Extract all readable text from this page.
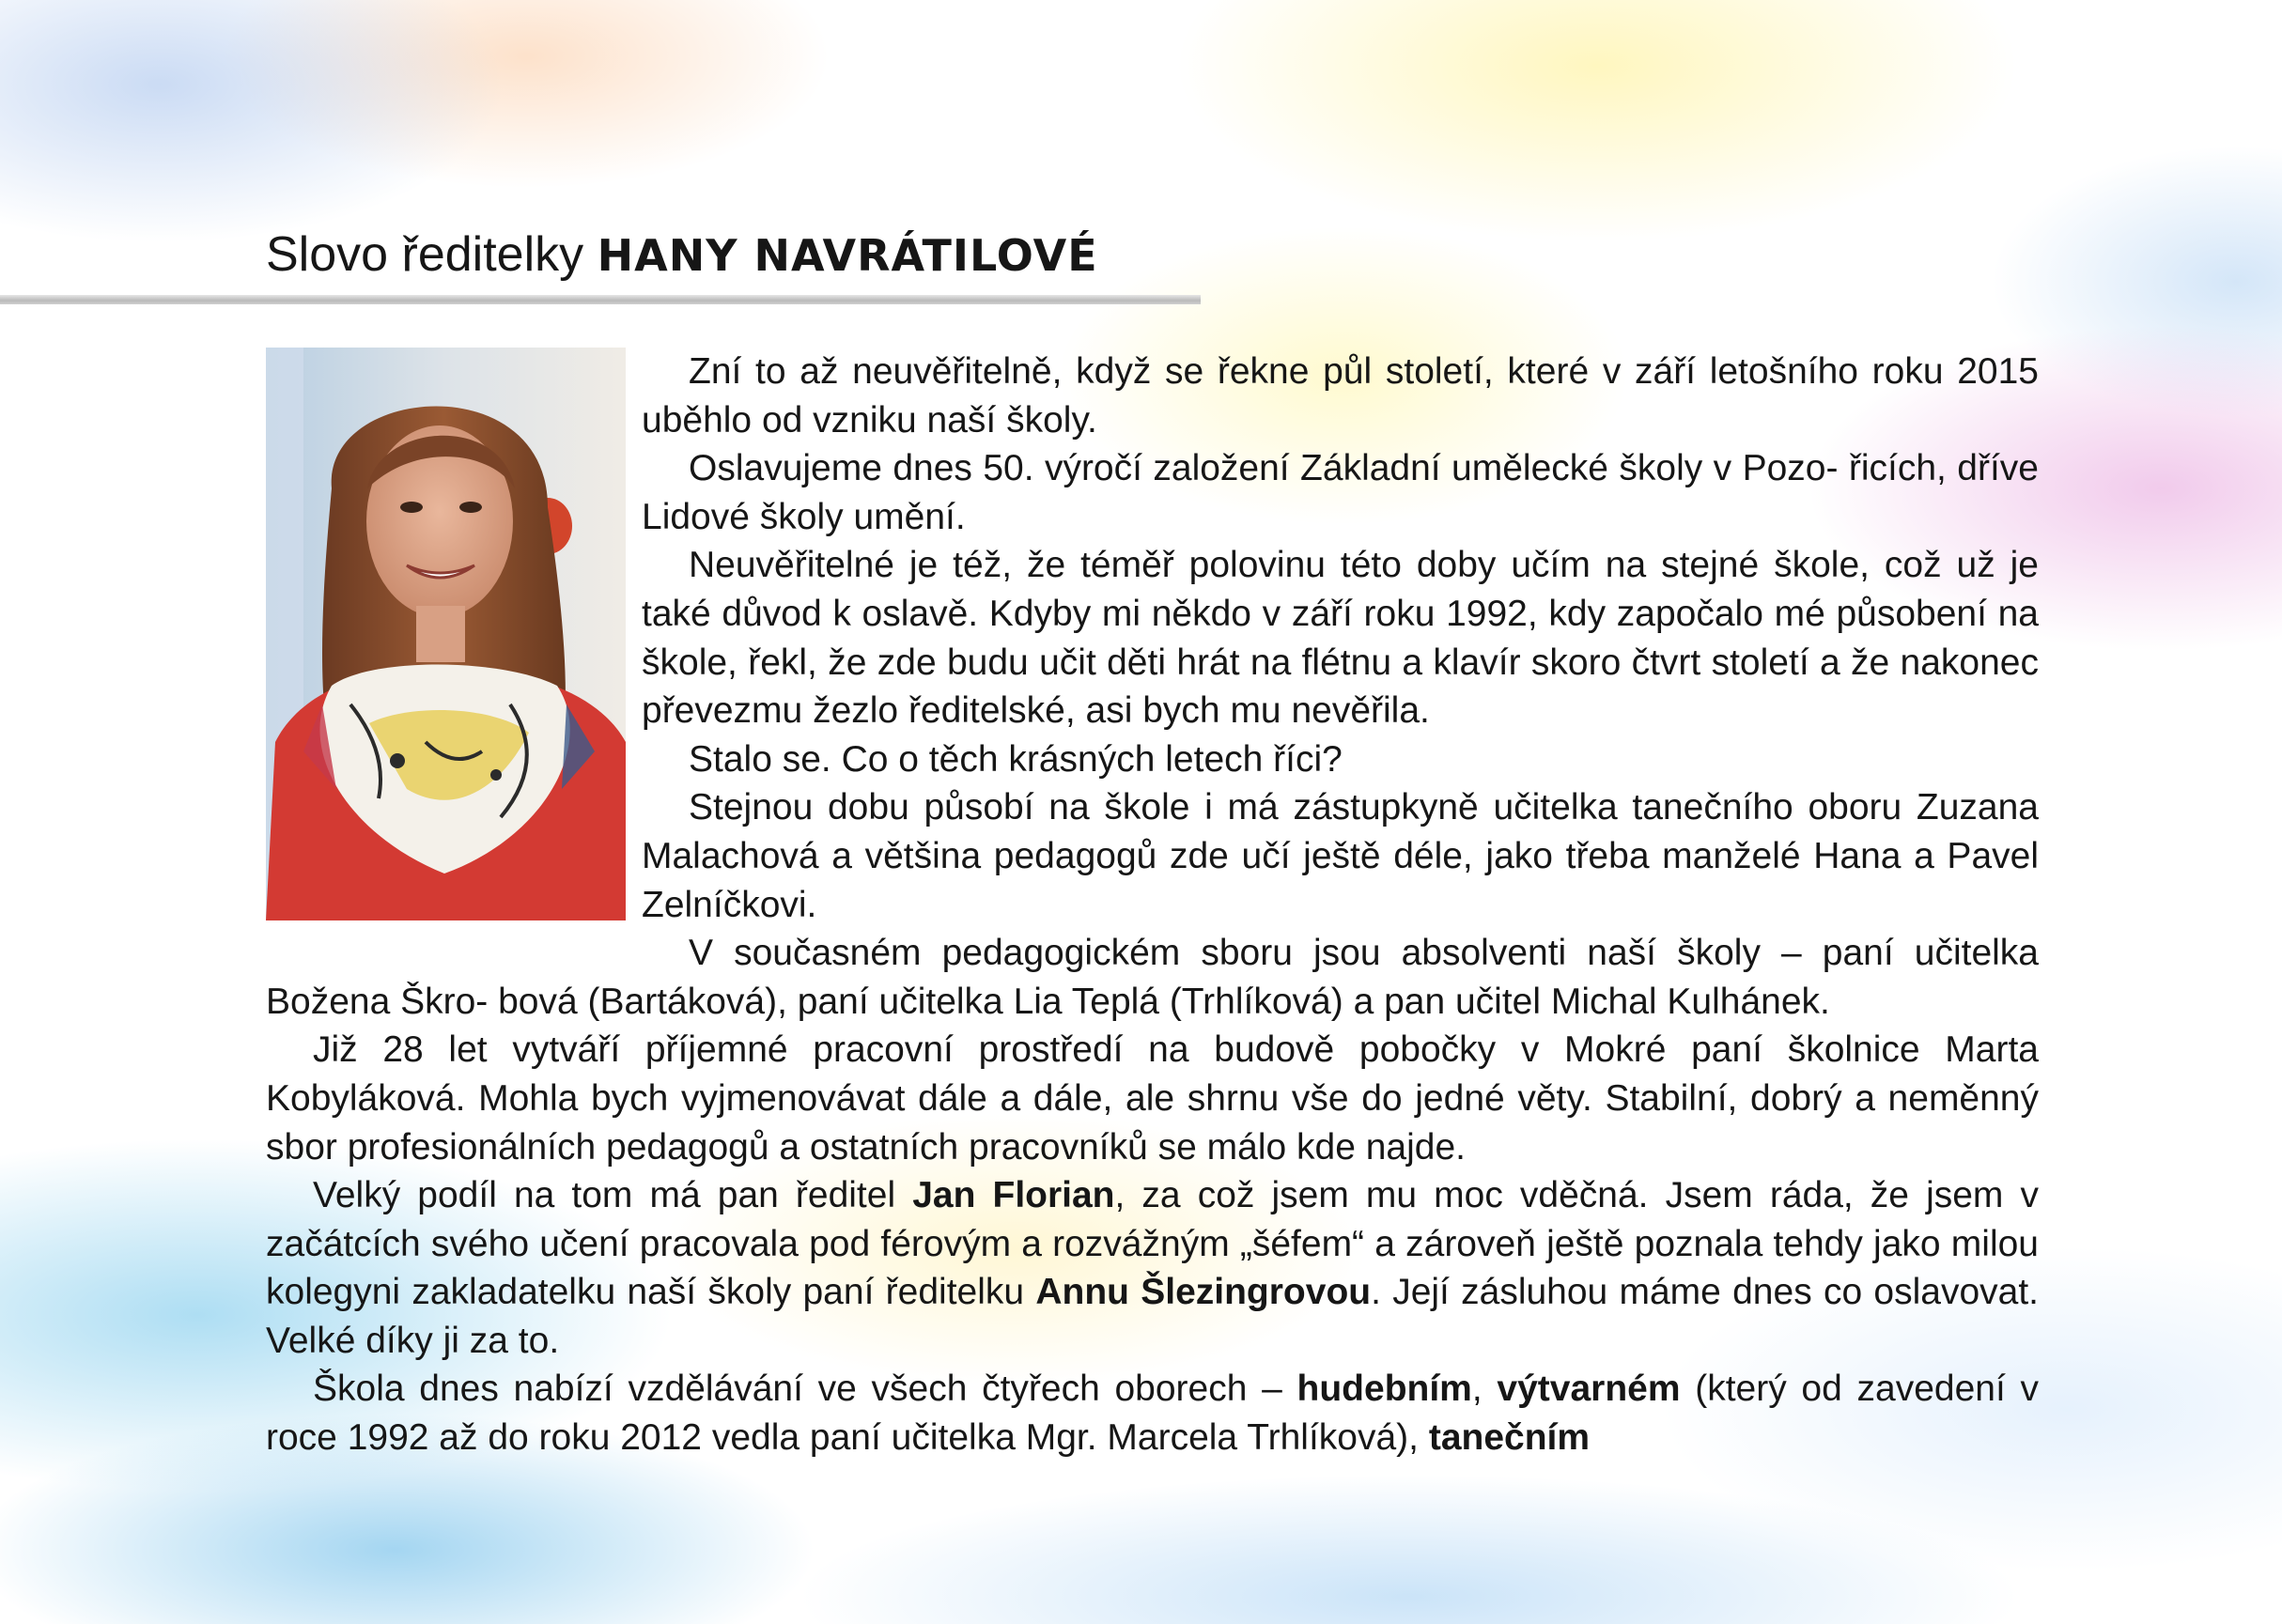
Slovo ředitelky HANY NAVRÁTILOVÉ

Zní to až neuvěřitelně, když se řekne půl století, které v září letošního roku 2015 uběhlo od vzniku naší školy.

Oslavujeme dnes 50. výročí založení Základní umělecké školy v Pozo- řicích, dříve Lidové školy umění.

Neuvěřitelné je též, že téměř polovinu této doby učím na stejné škole, což už je také důvod k oslavě. Kdyby mi někdo v září roku 1992, kdy započalo mé působení na škole, řekl, že zde budu učit děti hrát na flétnu a klavír skoro čtvrt století a že nakonec převezmu žezlo ředitelské, asi bych mu nevěřila.

Stalo se. Co o těch krásných letech říci?

Stejnou dobu působí na škole i má zástupkyně učitelka tanečního oboru Zuzana Malachová a většina pedagogů zde učí ještě déle, jako třeba manželé Hana a Pavel Zelníčkovi.

V současném pedagogickém sboru jsou absolventi naší školy – paní učitelka Božena Škro- bová (Bartáková), paní učitelka Lia Teplá (Trhlíková) a pan učitel Michal Kulhánek.

Již 28 let vytváří příjemné pracovní prostředí na budově pobočky v Mokré paní školnice Marta Kobyláková. Mohla bych vyjmenovávat dále a dále, ale shrnu vše do jedné věty. Stabilní, dobrý a neměnný sbor profesionálních pedagogů a ostatních pracovníků se málo kde najde.

Velký podíl na tom má pan ředitel Jan Florian, za což jsem mu moc vděčná. Jsem ráda, že jsem v začátcích svého učení pracovala pod férovým a rozvážným „šéfem“ a zároveň ještě poznala tehdy jako milou kolegyni zakladatelku naší školy paní ředitelku Annu Šlezingrovou. Její zásluhou máme dnes co oslavovat. Velké díky ji za to.

Škola dnes nabízí vzdělávání ve všech čtyřech oborech – hudebním, výtvarném (který od zavedení v roce 1992 až do roku 2012 vedla paní učitelka Mgr. Marcela Trhlíková), tanečním
